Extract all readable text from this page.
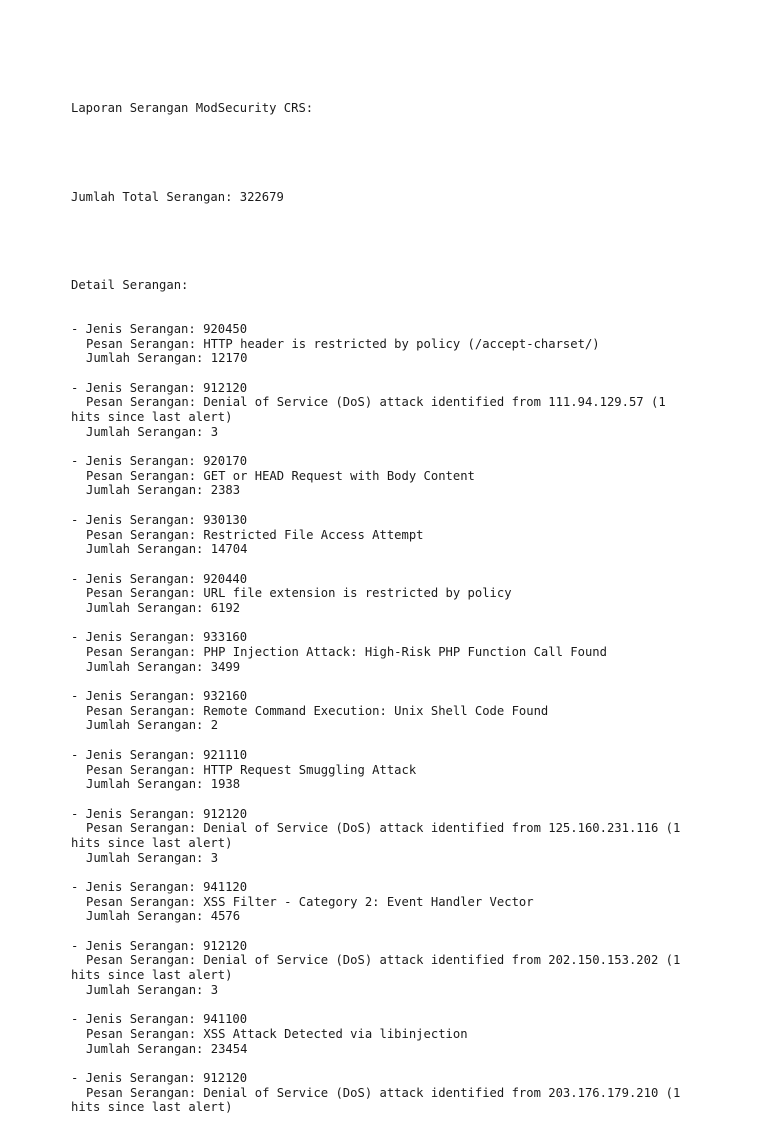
Laporan Serangan ModSecurity CRS:

Jumlah Total Serangan: 322679

Detail Serangan:

- Jenis Serangan: 920450
Pesan Serangan: HTTP header is restricted by policy (/accept-charset/)
Jumlah Serangan: 12170
- Jenis Serangan: 912120
Pesan Serangan: Denial of Service (DoS) attack identified from 111.94.129.57 (1
hits since last alert)
Jumlah Serangan: 3
- Jenis Serangan: 920170
Pesan Serangan: GET or HEAD Request with Body Content
Jumlah Serangan: 2383
- Jenis Serangan: 930130
Pesan Serangan: Restricted File Access Attempt
Jumlah Serangan: 14704
- Jenis Serangan: 920440
Pesan Serangan: URL file extension is restricted by policy
Jumlah Serangan: 6192
- Jenis Serangan: 933160
Pesan Serangan: PHP Injection Attack: High-Risk PHP Function Call Found
Jumlah Serangan: 3499
- Jenis Serangan: 932160
Pesan Serangan: Remote Command Execution: Unix Shell Code Found
Jumlah Serangan: 2
- Jenis Serangan: 921110
Pesan Serangan: HTTP Request Smuggling Attack
Jumlah Serangan: 1938
- Jenis Serangan: 912120
Pesan Serangan: Denial of Service (DoS) attack identified from 125.160.231.116 (1
hits since last alert)
Jumlah Serangan: 3
- Jenis Serangan: 941120
Pesan Serangan: XSS Filter - Category 2: Event Handler Vector
Jumlah Serangan: 4576
- Jenis Serangan: 912120
Pesan Serangan: Denial of Service (DoS) attack identified from 202.150.153.202 (1
hits since last alert)
Jumlah Serangan: 3
- Jenis Serangan: 941100
Pesan Serangan: XSS Attack Detected via libinjection
Jumlah Serangan: 23454
- Jenis Serangan: 912120
Pesan Serangan: Denial of Service (DoS) attack identified from 203.176.179.210 (1
hits since last alert)
